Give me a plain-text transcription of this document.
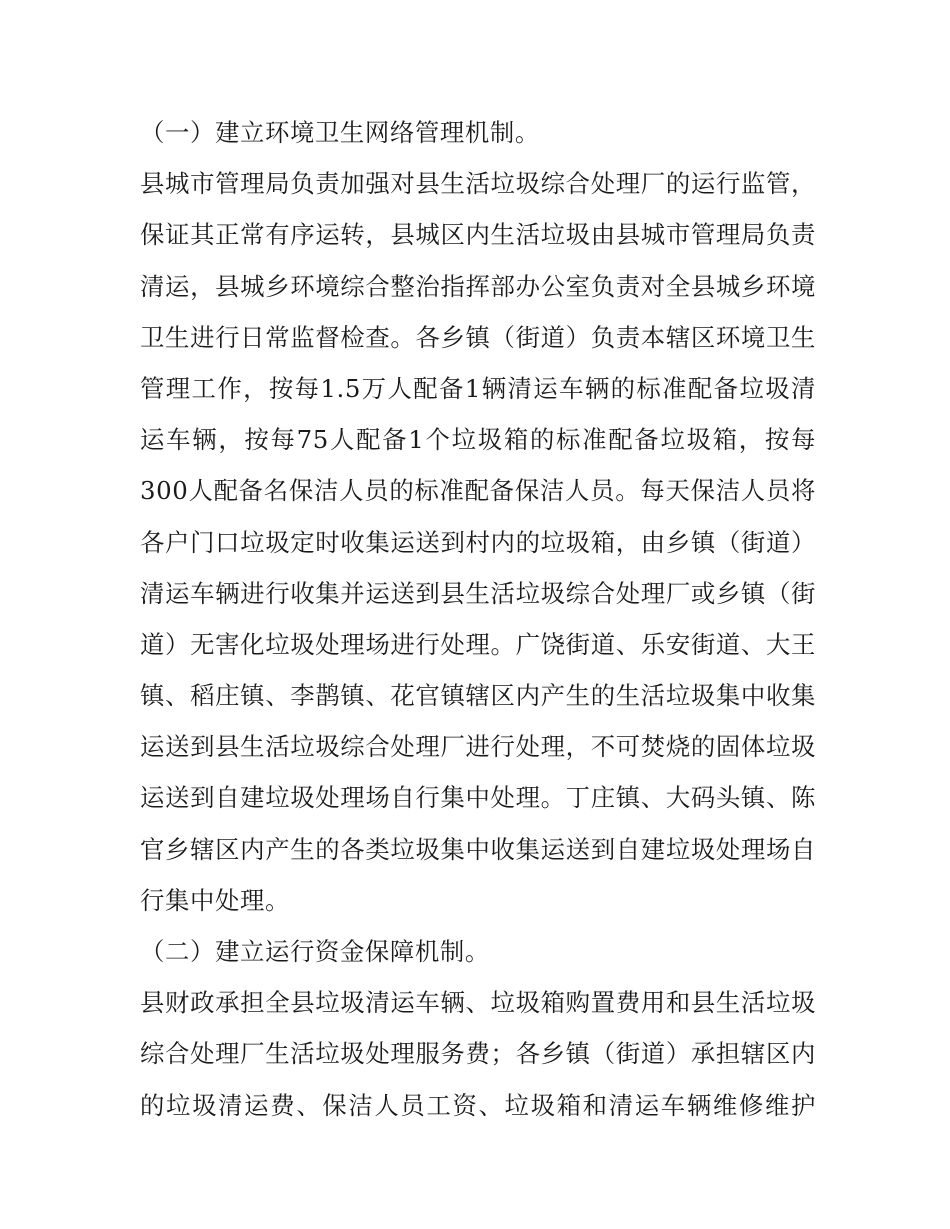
（一）建立环境卫生网络管理机制。
县城市管理局负责加强对县生活垃圾综合处理厂的运行监管，
保证其正常有序运转，县城区内生活垃圾由县城市管理局负责
清运，县城乡环境综合整治指挥部办公室负责对全县城乡环境
卫生进行日常监督检查。各乡镇（街道）负责本辖区环境卫生
管理工作，按每1.5万人配备1辆清运车辆的标准配备垃圾清
运车辆，按每75人配备1个垃圾箱的标准配备垃圾箱，按每
300人配备名保洁人员的标准配备保洁人员。每天保洁人员将
各户门口垃圾定时收集运送到村内的垃圾箱，由乡镇（街道）
清运车辆进行收集并运送到县生活垃圾综合处理厂或乡镇（街
道）无害化垃圾处理场进行处理。广饶街道、乐安街道、大王
镇、稻庄镇、李鹊镇、花官镇辖区内产生的生活垃圾集中收集
运送到县生活垃圾综合处理厂进行处理，不可焚烧的固体垃圾
运送到自建垃圾处理场自行集中处理。丁庄镇、大码头镇、陈
官乡辖区内产生的各类垃圾集中收集运送到自建垃圾处理场自
行集中处理。
（二）建立运行资金保障机制。
县财政承担全县垃圾清运车辆、垃圾箱购置费用和县生活垃圾
综合处理厂生活垃圾处理服务费；各乡镇（街道）承担辖区内
的垃圾清运费、保洁人员工资、垃圾箱和清运车辆维修维护
